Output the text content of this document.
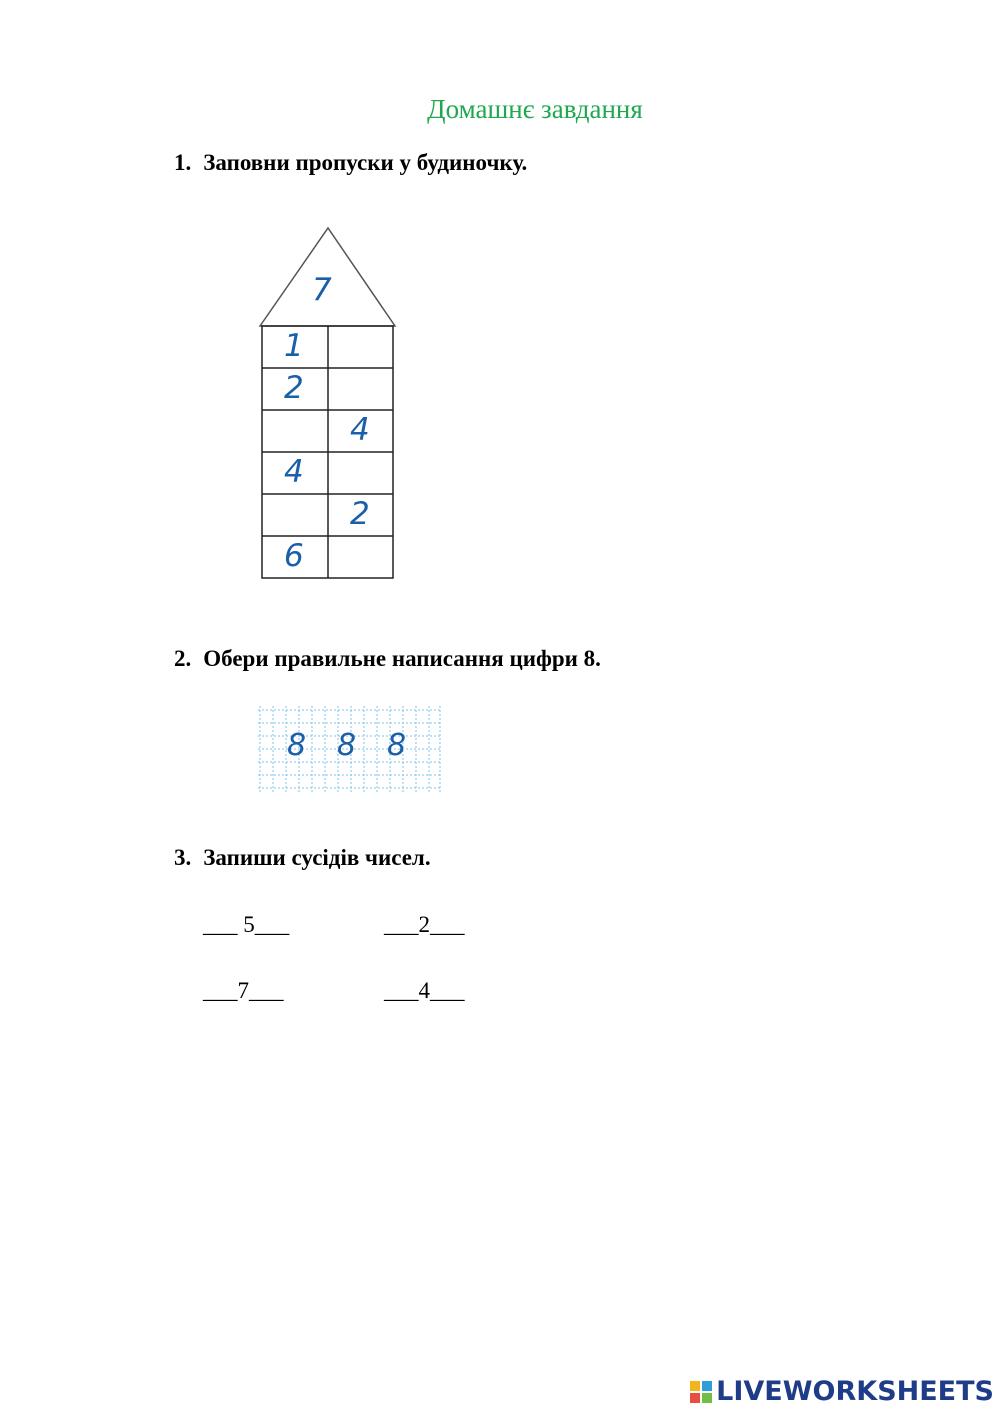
Домашнє завдання
1. Заповни пропуски у будиночку.
7
1
2
4
4
2
6
2. Обери правильне написання цифри 8.
8 8 8
3. Запиши сусідів чисел.
___ 5___	___2___
___7___	___4___
LIVEWORKSHEETS
